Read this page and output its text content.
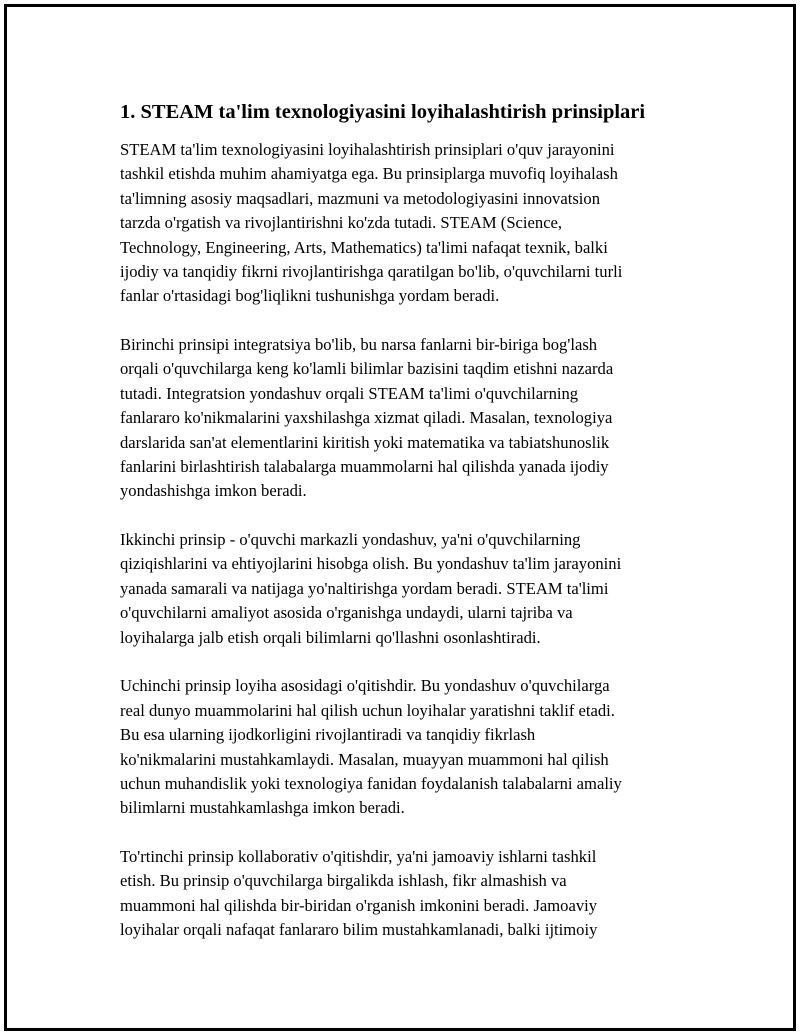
1. STEAM ta'lim texnologiyasini loyihalashtirish prinsiplari

STEAM ta'lim texnologiyasini loyihalashtirish prinsiplari o'quv jarayonini
tashkil etishda muhim ahamiyatga ega. Bu prinsiplarga muvofiq loyihalash
ta'limning asosiy maqsadlari, mazmuni va metodologiyasini innovatsion
tarzda o'rgatish va rivojlantirishni ko'zda tutadi. STEAM (Science,
Technology, Engineering, Arts, Mathematics) ta'limi nafaqat texnik, balki
ijodiy va tanqidiy fikrni rivojlantirishga qaratilgan bo'lib, o'quvchilarni turli
fanlar o'rtasidagi bog'liqlikni tushunishga yordam beradi.

Birinchi prinsipi integratsiya bo'lib, bu narsa fanlarni bir-biriga bog'lash
orqali o'quvchilarga keng ko'lamli bilimlar bazisini taqdim etishni nazarda
tutadi. Integratsion yondashuv orqali STEAM ta'limi o'quvchilarning
fanlararo ko'nikmalarini yaxshilashga xizmat qiladi. Masalan, texnologiya
darslarida san'at elementlarini kiritish yoki matematika va tabiatshunoslik
fanlarini birlashtirish talabalarga muammolarni hal qilishda yanada ijodiy
yondashishga imkon beradi.

Ikkinchi prinsip - o'quvchi markazli yondashuv, ya'ni o'quvchilarning
qiziqishlarini va ehtiyojlarini hisobga olish. Bu yondashuv ta'lim jarayonini
yanada samarali va natijaga yo'naltirishga yordam beradi. STEAM ta'limi
o'quvchilarni amaliyot asosida o'rganishga undaydi, ularni tajriba va
loyihalarga jalb etish orqali bilimlarni qo'llashni osonlashtiradi.

Uchinchi prinsip loyiha asosidagi o'qitishdir. Bu yondashuv o'quvchilarga
real dunyo muammolarini hal qilish uchun loyihalar yaratishni taklif etadi.
Bu esa ularning ijodkorligini rivojlantiradi va tanqidiy fikrlash
ko'nikmalarini mustahkamlaydi. Masalan, muayyan muammoni hal qilish
uchun muhandislik yoki texnologiya fanidan foydalanish talabalarni amaliy
bilimlarni mustahkamlashga imkon beradi.

To'rtinchi prinsip kollaborativ o'qitishdir, ya'ni jamoaviy ishlarni tashkil
etish. Bu prinsip o'quvchilarga birgalikda ishlash, fikr almashish va
muammoni hal qilishda bir-biridan o'rganish imkonini beradi. Jamoaviy
loyihalar orqali nafaqat fanlararo bilim mustahkamlanadi, balki ijtimoiy
